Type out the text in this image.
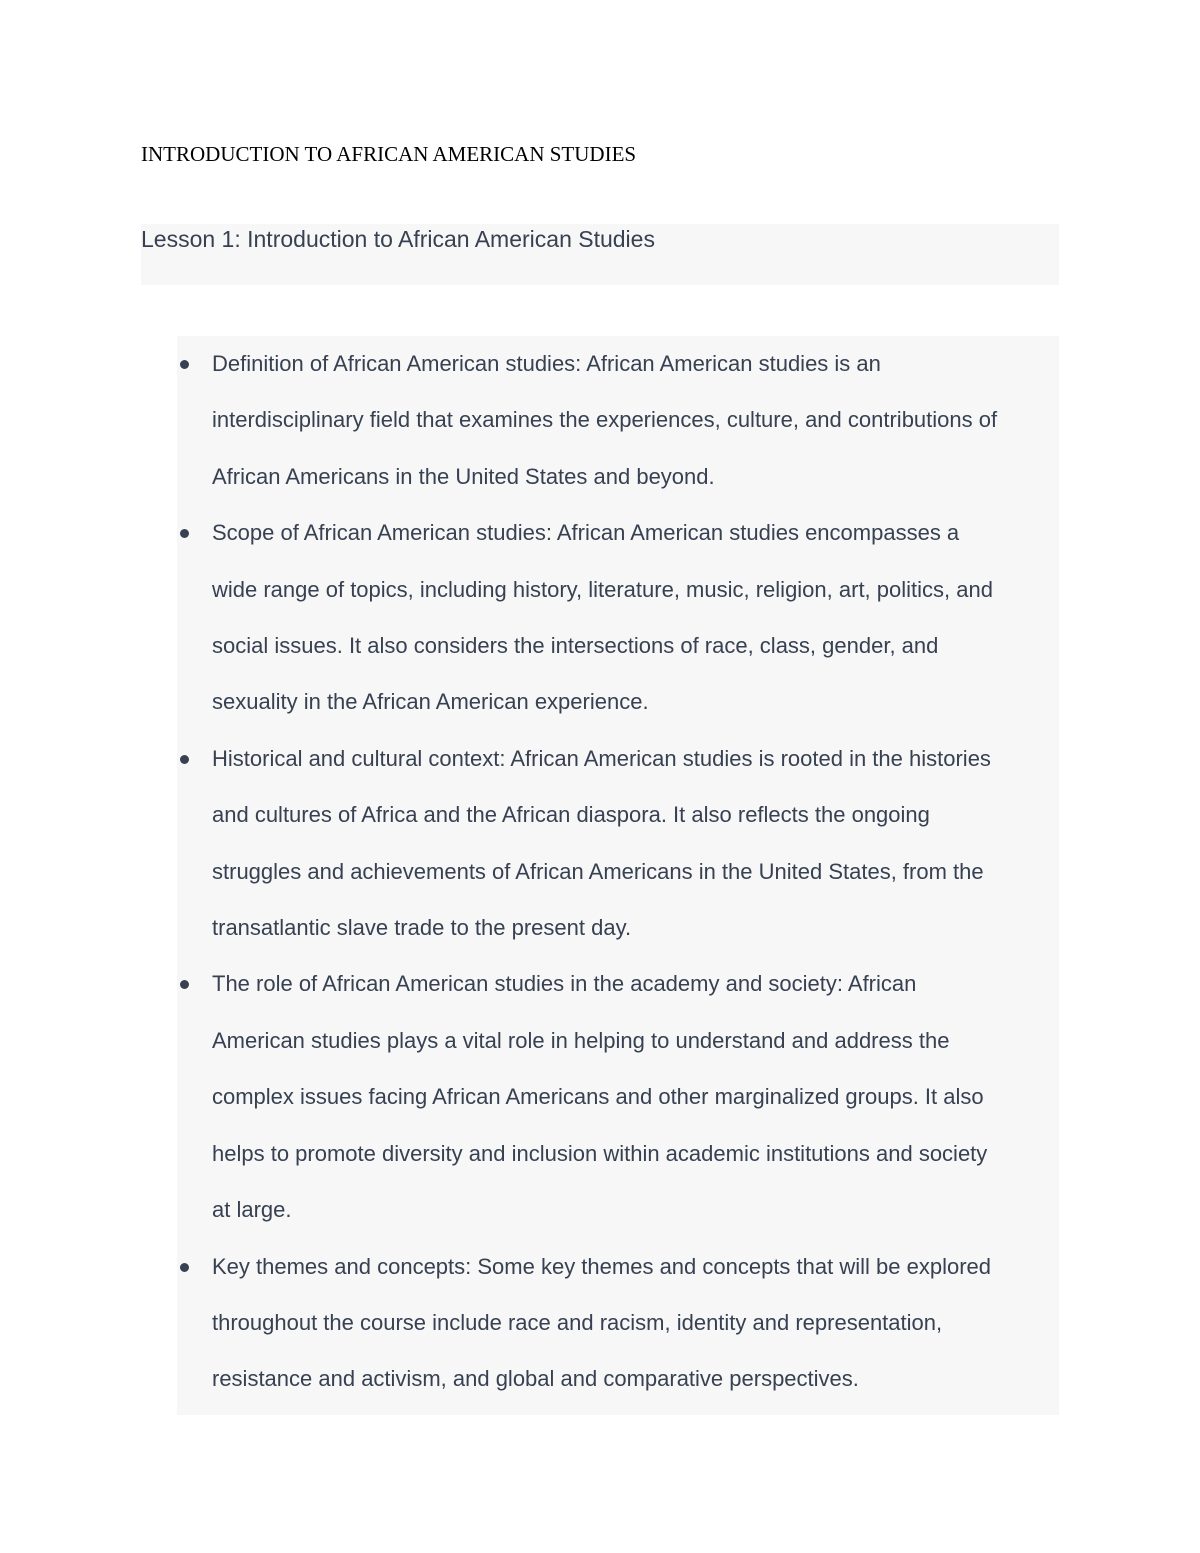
INTRODUCTION TO AFRICAN AMERICAN STUDIES
Lesson 1: Introduction to African American Studies
Definition of African American studies: African American studies is an
interdisciplinary field that examines the experiences, culture, and contributions of
African Americans in the United States and beyond.
Scope of African American studies: African American studies encompasses a
wide range of topics, including history, literature, music, religion, art, politics, and
social issues. It also considers the intersections of race, class, gender, and
sexuality in the African American experience.
Historical and cultural context: African American studies is rooted in the histories
and cultures of Africa and the African diaspora. It also reflects the ongoing
struggles and achievements of African Americans in the United States, from the
transatlantic slave trade to the present day.
The role of African American studies in the academy and society: African
American studies plays a vital role in helping to understand and address the
complex issues facing African Americans and other marginalized groups. It also
helps to promote diversity and inclusion within academic institutions and society
at large.
Key themes and concepts: Some key themes and concepts that will be explored
throughout the course include race and racism, identity and representation,
resistance and activism, and global and comparative perspectives.
